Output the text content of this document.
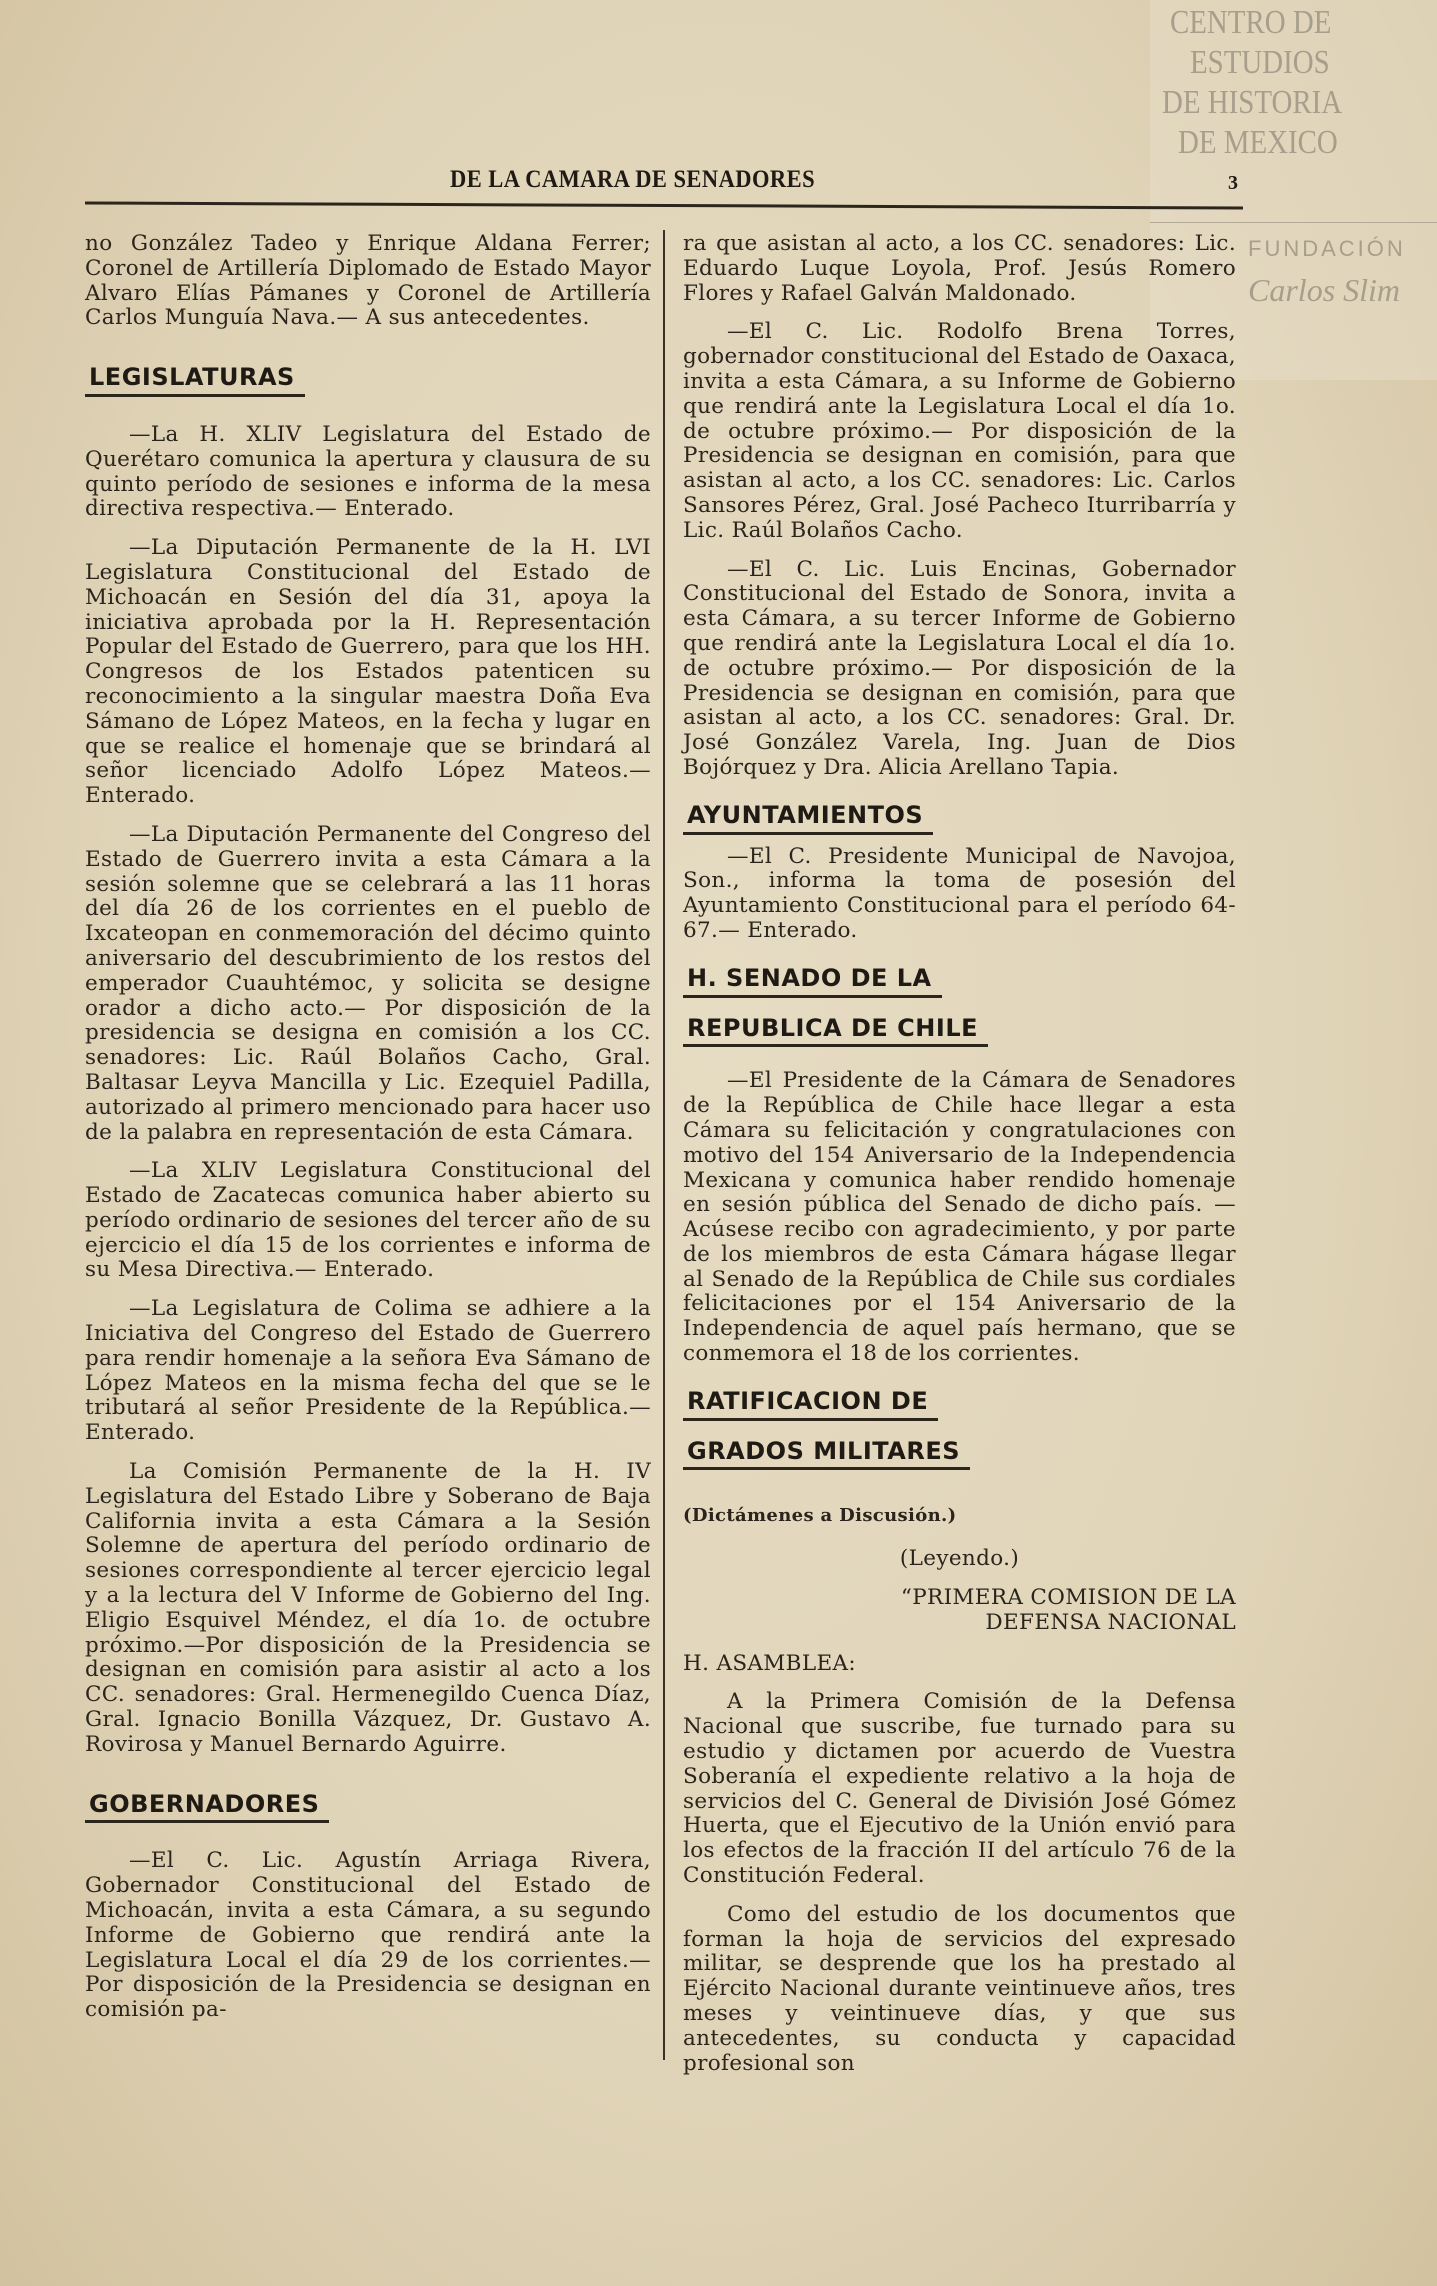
CENTRO DE
ESTUDIOS
DE HISTORIA
DE MEXICO
FUNDACIÓN
Carlos Slim
DE LA CAMARA DE SENADORES	3

no González Tadeo y Enrique Aldana Ferrer; Coronel de Artillería Diplomado de Estado Mayor Alvaro Elías Pámanes y Coronel de Artillería Carlos Munguía Nava.— A sus antecedentes.

LEGISLATURAS

—La H. XLIV Legislatura del Estado de Querétaro comunica la apertura y clausura de su quinto período de sesiones e informa de la mesa directiva respectiva.— Enterado.

—La Diputación Permanente de la H. LVI Legislatura Constitucional del Estado de Michoacán en Sesión del día 31, apoya la iniciativa aprobada por la H. Representación Popular del Estado de Guerrero, para que los HH. Congresos de los Estados patenticen su reconocimiento a la singular maestra Doña Eva Sámano de López Mateos, en la fecha y lugar en que se realice el homenaje que se brindará al señor licenciado Adolfo López Mateos.—Enterado.

—La Diputación Permanente del Congreso del Estado de Guerrero invita a esta Cámara a la sesión solemne que se celebrará a las 11 horas del día 26 de los corrientes en el pueblo de Ixcateopan en conmemoración del décimo quinto aniversario del descubrimiento de los restos del emperador Cuauhtémoc, y solicita se designe orador a dicho acto.— Por disposición de la presidencia se designa en comisión a los CC. senadores: Lic. Raúl Bolaños Cacho, Gral. Baltasar Leyva Mancilla y Lic. Ezequiel Padilla, autorizado al primero mencionado para hacer uso de la palabra en representación de esta Cámara.

—La XLIV Legislatura Constitucional del Estado de Zacatecas comunica haber abierto su período ordinario de sesiones del tercer año de su ejercicio el día 15 de los corrientes e informa de su Mesa Directiva.— Enterado.

—La Legislatura de Colima se adhiere a la Iniciativa del Congreso del Estado de Guerrero para rendir homenaje a la señora Eva Sámano de López Mateos en la misma fecha del que se le tributará al señor Presidente de la República.— Enterado.

La Comisión Permanente de la H. IV Legislatura del Estado Libre y Soberano de Baja California invita a esta Cámara a la Sesión Solemne de apertura del período ordinario de sesiones correspondiente al tercer ejercicio legal y a la lectura del V Informe de Gobierno del Ing. Eligio Esquivel Méndez, el día 1o. de octubre próximo.—Por disposición de la Presidencia se designan en comisión para asistir al acto a los CC. senadores: Gral. Hermenegildo Cuenca Díaz, Gral. Ignacio Bonilla Vázquez, Dr. Gustavo A. Rovirosa y Manuel Bernardo Aguirre.

GOBERNADORES

—El C. Lic. Agustín Arriaga Rivera, Gobernador Constitucional del Estado de Michoacán, invita a esta Cámara, a su segundo Informe de Gobierno que rendirá ante la Legislatura Local el día 29 de los corrientes.— Por disposición de la Presidencia se designan en comisión pa-

ra que asistan al acto, a los CC. senadores: Lic. Eduardo Luque Loyola, Prof. Jesús Romero Flores y Rafael Galván Maldonado.

—El C. Lic. Rodolfo Brena Torres, gobernador constitucional del Estado de Oaxaca, invita a esta Cámara, a su Informe de Gobierno que rendirá ante la Legislatura Local el día 1o. de octubre próximo.— Por disposición de la Presidencia se designan en comisión, para que asistan al acto, a los CC. senadores: Lic. Carlos Sansores Pérez, Gral. José Pacheco Iturribarría y Lic. Raúl Bolaños Cacho.

—El C. Lic. Luis Encinas, Gobernador Constitucional del Estado de Sonora, invita a esta Cámara, a su tercer Informe de Gobierno que rendirá ante la Legislatura Local el día 1o. de octubre próximo.— Por disposición de la Presidencia se designan en comisión, para que asistan al acto, a los CC. senadores: Gral. Dr. José González Varela, Ing. Juan de Dios Bojórquez y Dra. Alicia Arellano Tapia.

AYUNTAMIENTOS

—El C. Presidente Municipal de Navojoa, Son., informa la toma de posesión del Ayuntamiento Constitucional para el período 64-67.— Enterado.

H. SENADO DE LA
REPUBLICA DE CHILE

—El Presidente de la Cámara de Senadores de la República de Chile hace llegar a esta Cámara su felicitación y congratulaciones con motivo del 154 Aniversario de la Independencia Mexicana y comunica haber rendido homenaje en sesión pública del Senado de dicho país. —Acúsese recibo con agradecimiento, y por parte de los miembros de esta Cámara hágase llegar al Senado de la República de Chile sus cordiales felicitaciones por el 154 Aniversario de la Independencia de aquel país hermano, que se conmemora el 18 de los corrientes.

RATIFICACION DE
GRADOS MILITARES
(Dictámenes a Discusión.)
(Leyendo.)
“PRIMERA COMISION DE LA
DEFENSA NACIONAL
H. ASAMBLEA:

A la Primera Comisión de la Defensa Nacional que suscribe, fue turnado para su estudio y dictamen por acuerdo de Vuestra Soberanía el expediente relativo a la hoja de servicios del C. General de División José Gómez Huerta, que el Ejecutivo de la Unión envió para los efectos de la fracción II del artículo 76 de la Constitución Federal.

Como del estudio de los documentos que forman la hoja de servicios del expresado militar, se desprende que los ha prestado al Ejército Nacional durante veintinueve años, tres meses y veintinueve días, y que sus antecedentes, su conducta y capacidad profesional son
